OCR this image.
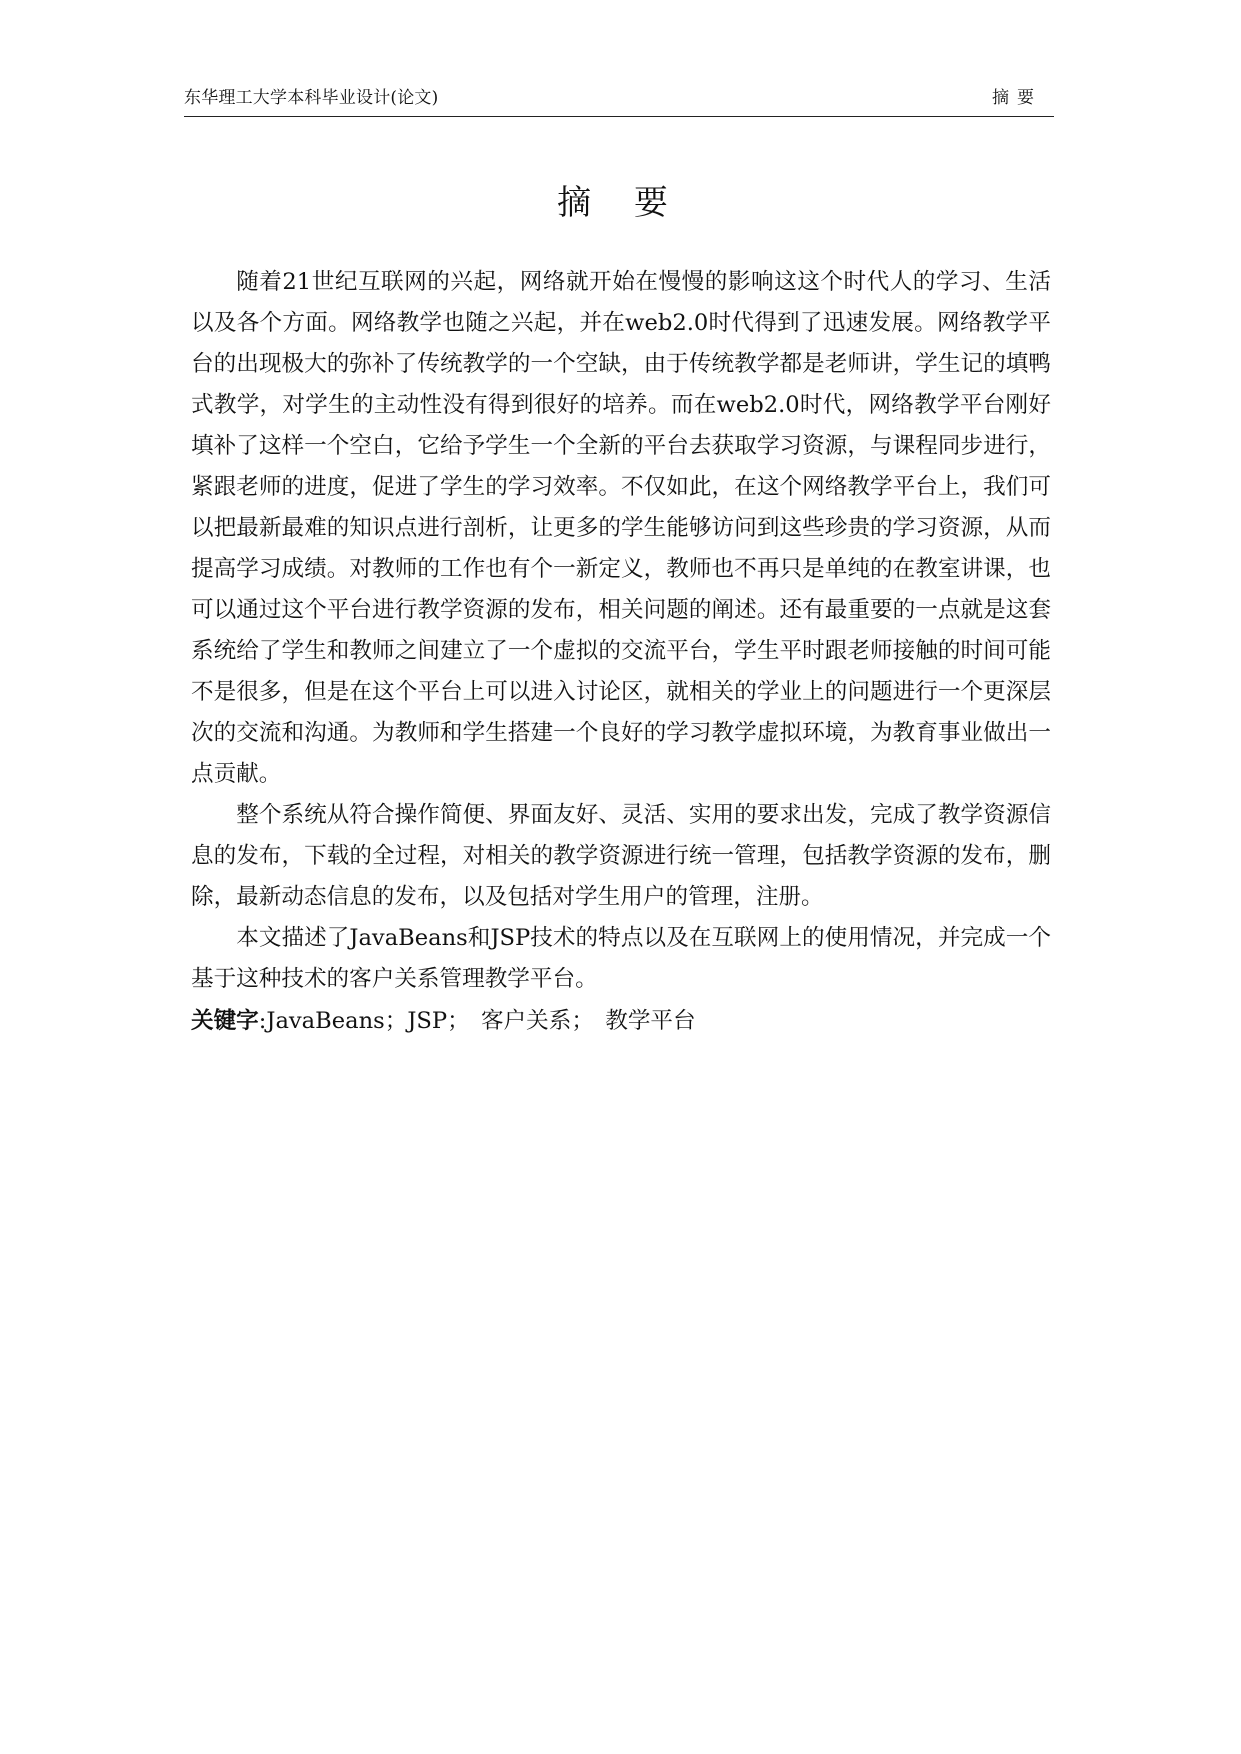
东华理工大学本科毕业设计(论文)	摘要
摘 要

随着21世纪互联网的兴起，网络就开始在慢慢的影响这这个时代人的学习、生活以及各个方面。网络教学也随之兴起，并在web2.0时代得到了迅速发展。网络教学平台的出现极大的弥补了传统教学的一个空缺，由于传统教学都是老师讲，学生记的填鸭式教学，对学生的主动性没有得到很好的培养。而在web2.0时代，网络教学平台刚好填补了这样一个空白，它给予学生一个全新的平台去获取学习资源，与课程同步进行，紧跟老师的进度，促进了学生的学习效率。不仅如此，在这个网络教学平台上，我们可以把最新最难的知识点进行剖析，让更多的学生能够访问到这些珍贵的学习资源，从而提高学习成绩。对教师的工作也有个一新定义，教师也不再只是单纯的在教室讲课，也可以通过这个平台进行教学资源的发布，相关问题的阐述。还有最重要的一点就是这套系统给了学生和教师之间建立了一个虚拟的交流平台，学生平时跟老师接触的时间可能不是很多，但是在这个平台上可以进入讨论区，就相关的学业上的问题进行一个更深层次的交流和沟通。为教师和学生搭建一个良好的学习教学虚拟环境，为教育事业做出一点贡献。

整个系统从符合操作简便、界面友好、灵活、实用的要求出发，完成了教学资源信息的发布，下载的全过程，对相关的教学资源进行统一管理，包括教学资源的发布，删除，最新动态信息的发布，以及包括对学生用户的管理，注册。

本文描述了JavaBeans和JSP技术的特点以及在互联网上的使用情况，并完成一个基于这种技术的客户关系管理教学平台。

关键字:JavaBeans；JSP；　客户关系；　教学平台
